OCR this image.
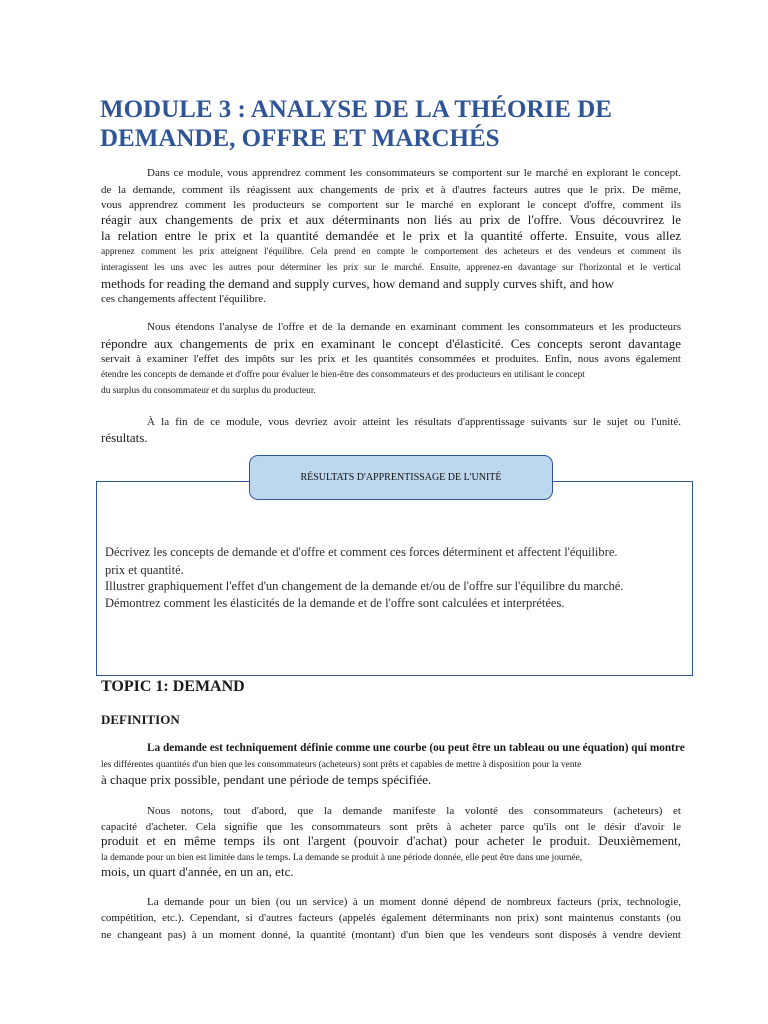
MODULE 3 : ANALYSE DE LA THÉORIE DE DEMANDE, OFFRE ET MARCHÉS
Dans ce module, vous apprendrez comment les consommateurs se comportent sur le marché en explorant le concept.
de la demande, comment ils réagissent aux changements de prix et à d'autres facteurs autres que le prix. De même,
vous apprendrez comment les producteurs se comportent sur le marché en explorant le concept d'offre, comment ils
réagir aux changements de prix et aux déterminants non liés au prix de l'offre. Vous découvrirez le
la relation entre le prix et la quantité demandée et le prix et la quantité offerte. Ensuite, vous allez
apprenez comment les prix atteignent l'équilibre. Cela prend en compte le comportement des acheteurs et des vendeurs et comment ils
interagissent les uns avec les autres pour déterminer les prix sur le marché. Ensuite, apprenez-en davantage sur l'horizontal et le vertical
methods for reading the demand and supply curves, how demand and supply curves shift, and how
ces changements affectent l'équilibre.
Nous étendons l'analyse de l'offre et de la demande en examinant comment les consommateurs et les producteurs
répondre aux changements de prix en examinant le concept d'élasticité. Ces concepts seront davantage
servait à examiner l'effet des impôts sur les prix et les quantités consommées et produites. Enfin, nous avons également
étendre les concepts de demande et d'offre pour évaluer le bien-être des consommateurs et des producteurs en utilisant le concept
du surplus du consommateur et du surplus du producteur.
À la fin de ce module, vous devriez avoir atteint les résultats d'apprentissage suivants sur le sujet ou l'unité.
résultats.
RÉSULTATS D'APPRENTISSAGE DE L'UNITÉ
Décrivez les concepts de demande et d'offre et comment ces forces déterminent et affectent l'équilibre.
prix et quantité.
Illustrer graphiquement l'effet d'un changement de la demande et/ou de l'offre sur l'équilibre du marché.
Démontrez comment les élasticités de la demande et de l'offre sont calculées et interprétées.
TOPIC 1: DEMAND
DEFINITION
La demande est techniquement définie comme une courbe (ou peut être un tableau ou une équation) qui montre
les différentes quantités d'un bien que les consommateurs (acheteurs) sont prêts et capables de mettre à disposition pour la vente
à chaque prix possible, pendant une période de temps spécifiée.
Nous notons, tout d'abord, que la demande manifeste la volonté des consommateurs (acheteurs) et
capacité d'acheter. Cela signifie que les consommateurs sont prêts à acheter parce qu'ils ont le désir d'avoir le
produit et en même temps ils ont l'argent (pouvoir d'achat) pour acheter le produit. Deuxièmement,
la demande pour un bien est limitée dans le temps. La demande se produit à une période donnée, elle peut être dans une journée,
mois, un quart d'année, en un an, etc.
La demande pour un bien (ou un service) à un moment donné dépend de nombreux facteurs (prix, technologie,
compétition, etc.). Cependant, si d'autres facteurs (appelés également déterminants non prix) sont maintenus constants (ou
ne changeant pas) à un moment donné, la quantité (montant) d'un bien que les vendeurs sont disposés à vendre devient
